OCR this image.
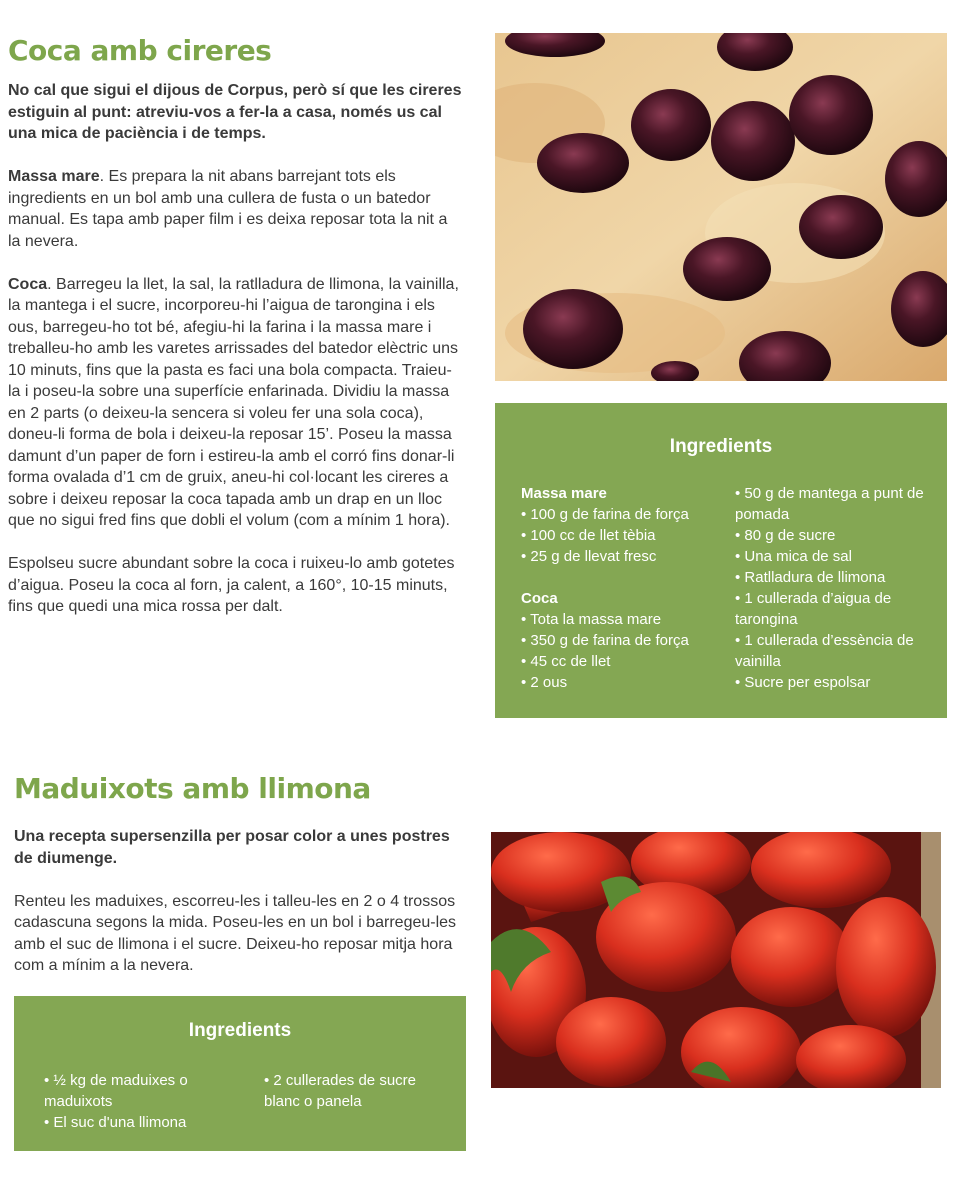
Coca amb cireres

No cal que sigui el dijous de Corpus, però sí que les cireres estiguin al punt: atreviu-vos a fer-la a casa, només us cal una mica de paciència i de temps.

Massa mare. Es prepara la nit abans barrejant tots els ingredients en un bol amb una cullera de fusta o un batedor manual. Es tapa amb paper film i es deixa reposar tota la nit a la nevera.

Coca. Barregeu la llet, la sal, la ratlladura de llimona, la vainilla, la mantega i el sucre, incorporeu-hi l’aigua de tarongina i els ous, barregeu-ho tot bé, afegiu-hi la farina i la massa mare i treballeu-ho amb les varetes arrissades del batedor elèctric uns 10 minuts, fins que la pasta es faci una bola compacta. Traieu-la i poseu-la sobre una superfície enfarinada. Dividiu la massa en 2 parts (o deixeu-la sencera si voleu fer una sola coca), doneu-li forma de bola i deixeu-la reposar 15’. Poseu la massa damunt d’un paper de forn i estireu-la amb el corró fins donar-li forma ovalada d’1 cm de gruix, aneu-hi col·locant les cireres a sobre i deixeu reposar la coca tapada amb un drap en un lloc que no sigui fred fins que dobli el volum (com a mínim 1 hora).

Espolseu sucre abundant sobre la coca i ruixeu-lo amb gotetes d’aigua. Poseu la coca al forn, ja calent, a 160°, 10-15 minuts, fins que quedi una mica rossa per dalt.

Ingredients
Massa mare
• 100 g de farina de força
• 100 cc de llet tèbia
• 25 g de llevat fresc
Coca
• Tota la massa mare
• 350 g de farina de força
• 45 cc de llet
• 2 ous
• 50 g de mantega a punt de pomada
• 80 g de sucre
• Una mica de sal
• Ratlladura de llimona
• 1 cullerada d’aigua de tarongina
• 1 cullerada d’essència de vainilla
• Sucre per espolsar
Maduixots amb llimona

Una recepta supersenzilla per posar color a unes postres de diumenge.

Renteu les maduixes, escorreu-les i talleu-les en 2 o 4 trossos cadascuna segons la mida. Poseu-les en un bol i barregeu-les amb el suc de llimona i el sucre. Deixeu-ho reposar mitja hora com a mínim a la nevera.

Ingredients
• ½ kg de maduixes o maduixots
• El suc d'una llimona
• 2 cullerades de sucre blanc o panela
